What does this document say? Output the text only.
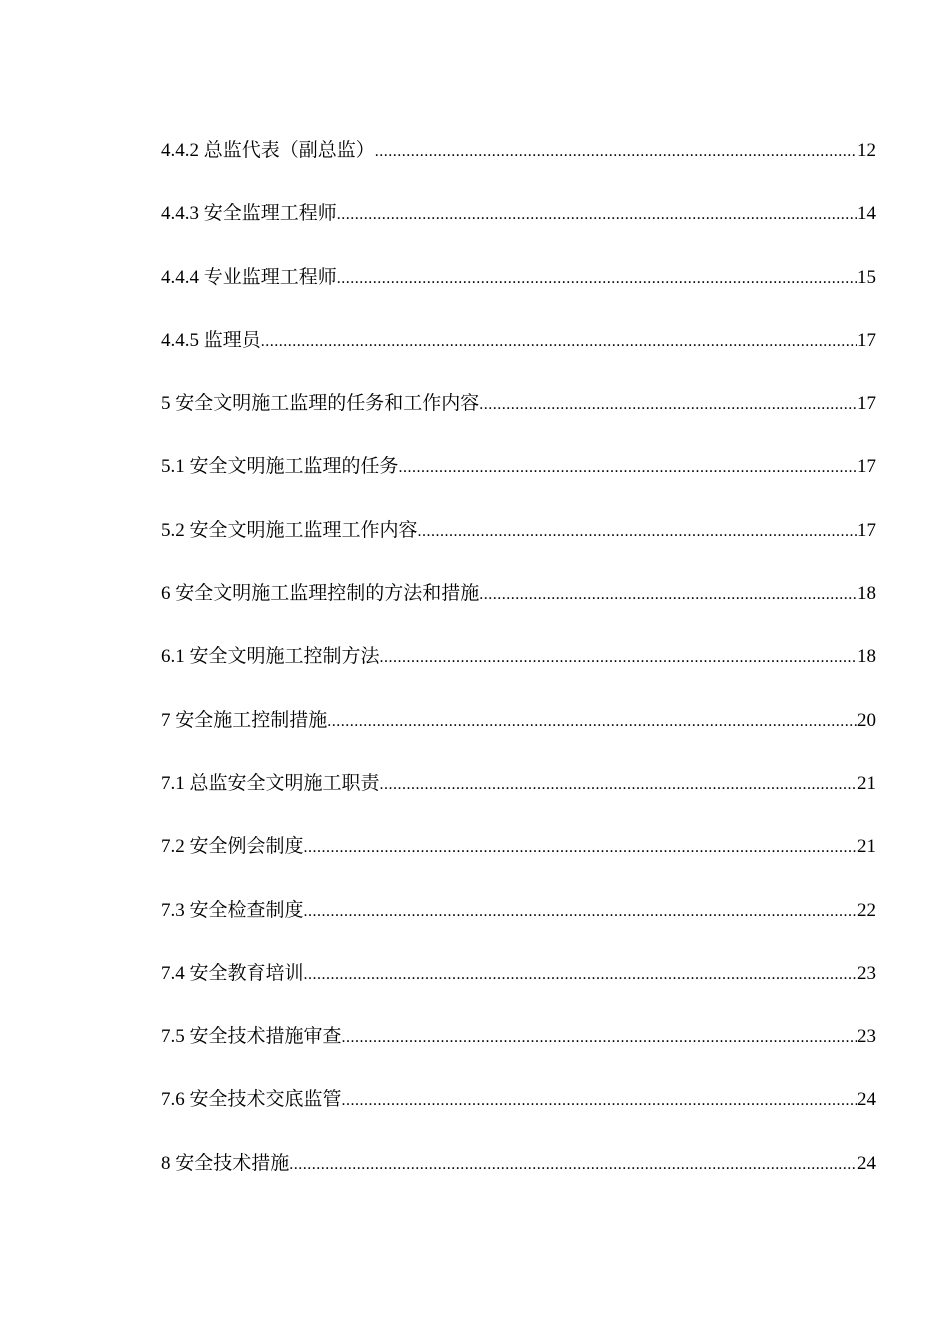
4.4.2 总监代表（副总监） .....	12
4.4.3 安全监理工程师 .....	14
4.4.4 专业监理工程师 .....	15
4.4.5 监理员 .....	17
5 安全文明施工监理的任务和工作内容 .....	17
5.1 安全文明施工监理的任务 .....	17
5.2 安全文明施工监理工作内容 .....	17
6 安全文明施工监理控制的方法和措施 .....	18
6.1 安全文明施工控制方法 .....	18
7 安全施工控制措施 .....	20
7.1 总监安全文明施工职责 .....	21
7.2 安全例会制度 .....	21
7.3 安全检查制度 .....	22
7.4 安全教育培训 .....	23
7.5 安全技术措施审查 .....	23
7.6 安全技术交底监管 .....	24
8 安全技术措施 .....	24
